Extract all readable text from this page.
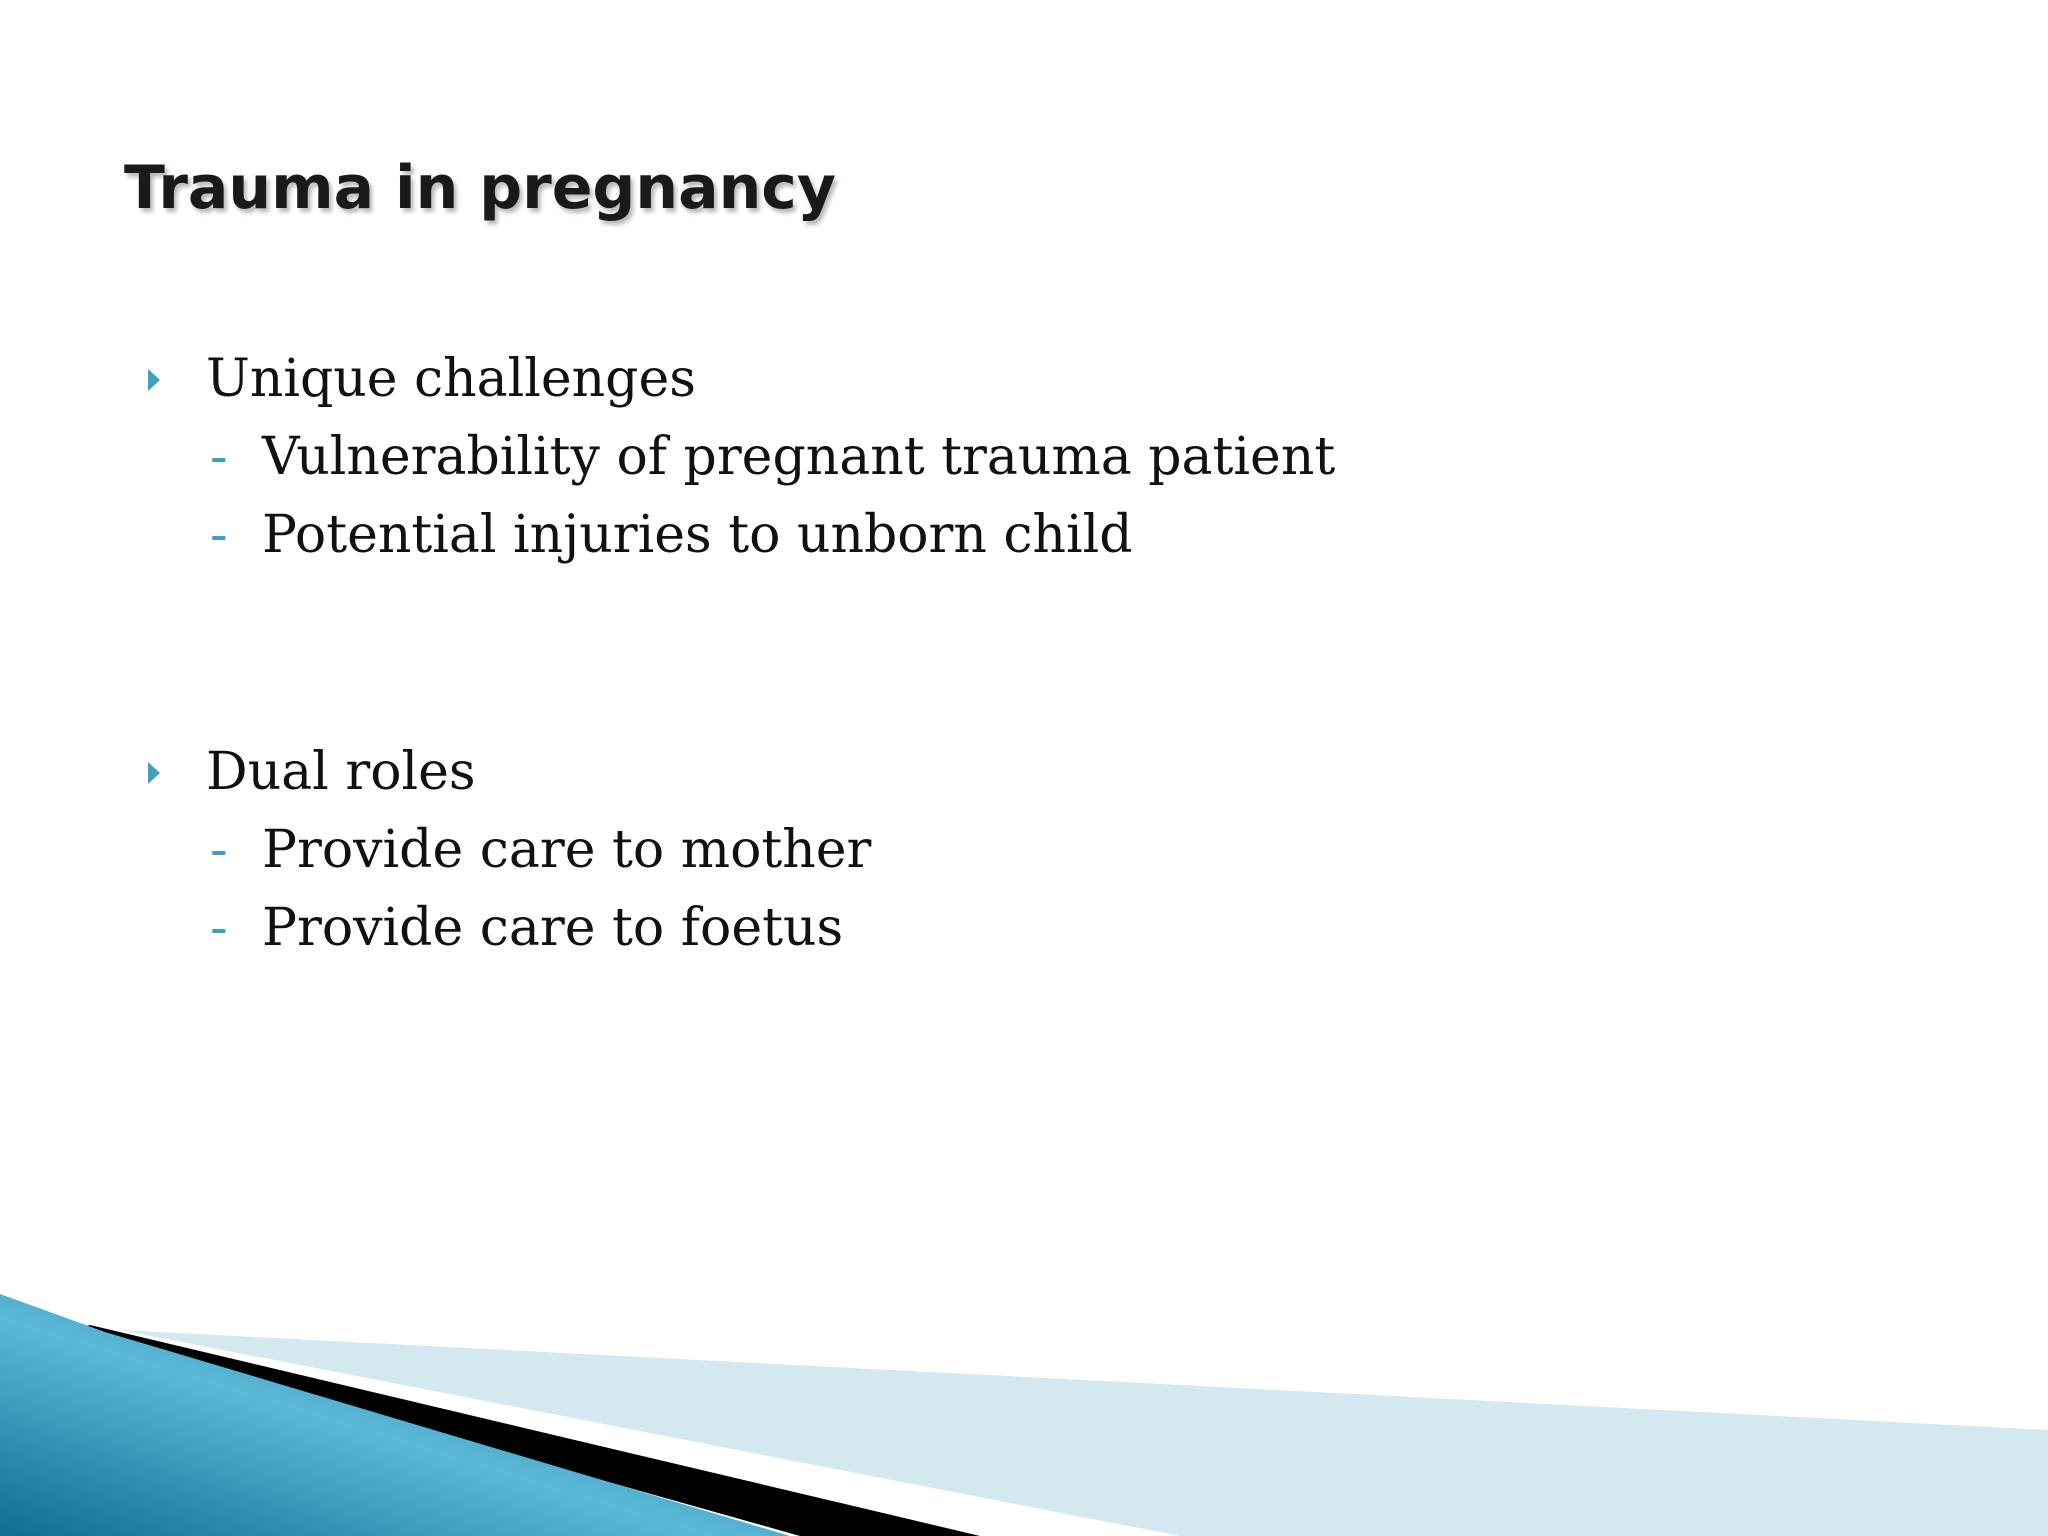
Trauma in pregnancy
Unique challenges
- Vulnerability of pregnant trauma patient
- Potential injuries to unborn child
Dual roles
- Provide care to mother
- Provide care to foetus
